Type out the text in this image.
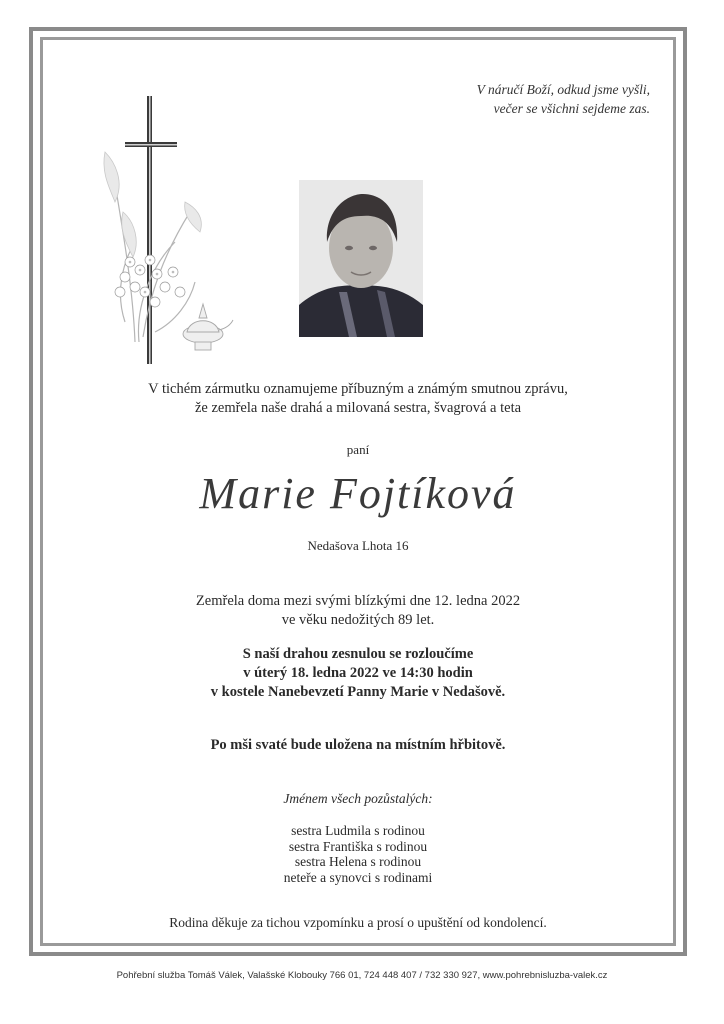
V náručí Boží, odkud jsme vyšli,
večer se všichni sejdeme zas.
V tichém zármutku oznamujeme příbuzným a známým smutnou zprávu,
že zemřela naše drahá a milovaná sestra, švagrová a teta
paní
Marie Fojtíková
Nedašova Lhota 16
Zemřela doma mezi svými blízkými dne 12. ledna 2022
ve věku nedožitých 89 let.
S naší drahou zesnulou se rozloučíme
v úterý 18. ledna 2022 ve 14:30 hodin
v kostele Nanebevzetí Panny Marie v Nedašově.
Po mši svaté bude uložena na místním hřbitově.
Jménem všech pozůstalých:
sestra Ludmila s rodinou
sestra Františka s rodinou
sestra Helena s rodinou
neteře a synovci s rodinami
Rodina děkuje za tichou vzpomínku a prosí o upuštění od kondolencí.
Pohřební služba Tomáš Válek, Valašské Klobouky 766 01, 724 448 407 / 732 330 927, www.pohrebnisluzba-valek.cz
